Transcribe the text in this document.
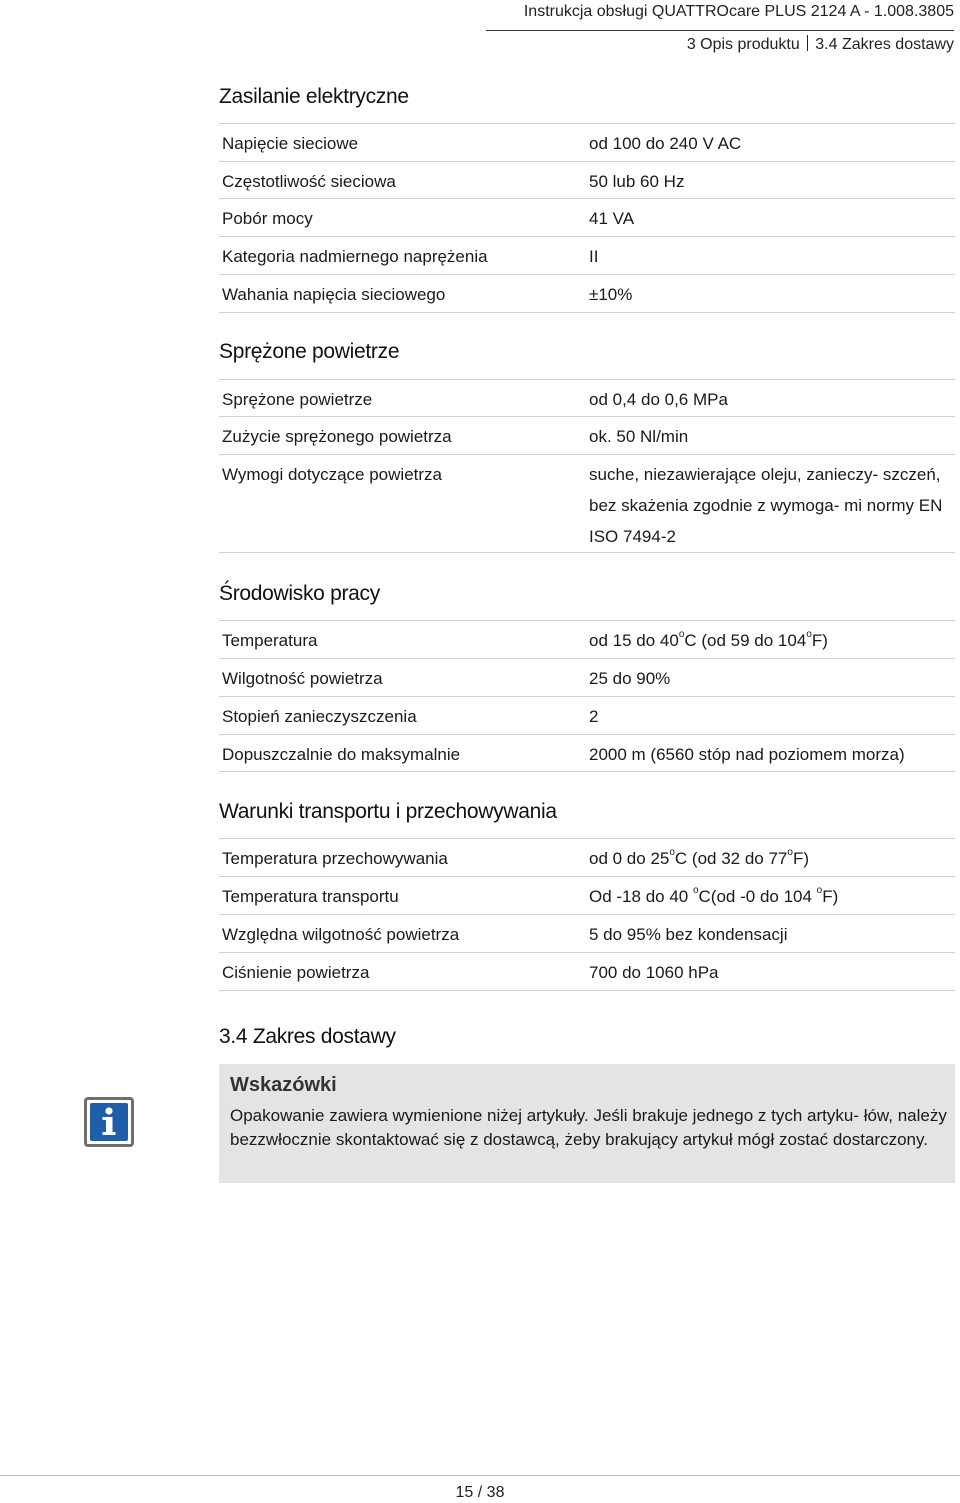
Instrukcja obsługi QUATTROcare PLUS 2124 A - 1.008.3805
3 Opis produktu 3.4 Zakres dostawy
Zasilanie elektryczne
Napięcie sieciowe	od 100 do 240 V AC
Częstotliwość sieciowa	50 lub 60 Hz
Pobór mocy	41 VA
Kategoria nadmiernego naprężenia	II
Wahania napięcia sieciowego	±10%
Sprężone powietrze
Sprężone powietrze	od 0,4 do 0,6 MPa
Zużycie sprężonego powietrza	ok. 50 Nl/min
Wymogi dotyczące powietrza	suche, niezawierające oleju, zanieczy- szczeń, bez skażenia zgodnie z wymoga- mi normy EN ISO 7494-2
Środowisko pracy
Temperatura	od 15 do 40$^o$C (od 59 do 104$^o$F)
Wilgotność powietrza	25 do 90%
Stopień zanieczyszczenia	2
Dopuszczalnie do maksymalnie	2000 m (6560 stóp nad poziomem morza)
Warunki transportu i przechowywania
Temperatura przechowywania	od 0 do 25$^o$C (od 32 do 77$^o$F)
Temperatura transportu	Od -18 do 40 $^o$C(od -0 do 104 $^o$F)
Względna wilgotność powietrza	5 do 95% bez kondensacji
Ciśnienie powietrza	700 do 1060 hPa
3.4 Zakres dostawy
Wskazówki
Opakowanie zawiera wymienione niżej artykuły. Jeśli brakuje jednego z tych artyku- łów, należy bezzwłocznie skontaktować się z dostawcą, żeby brakujący artykuł mógł zostać dostarczony.
15 / 38
